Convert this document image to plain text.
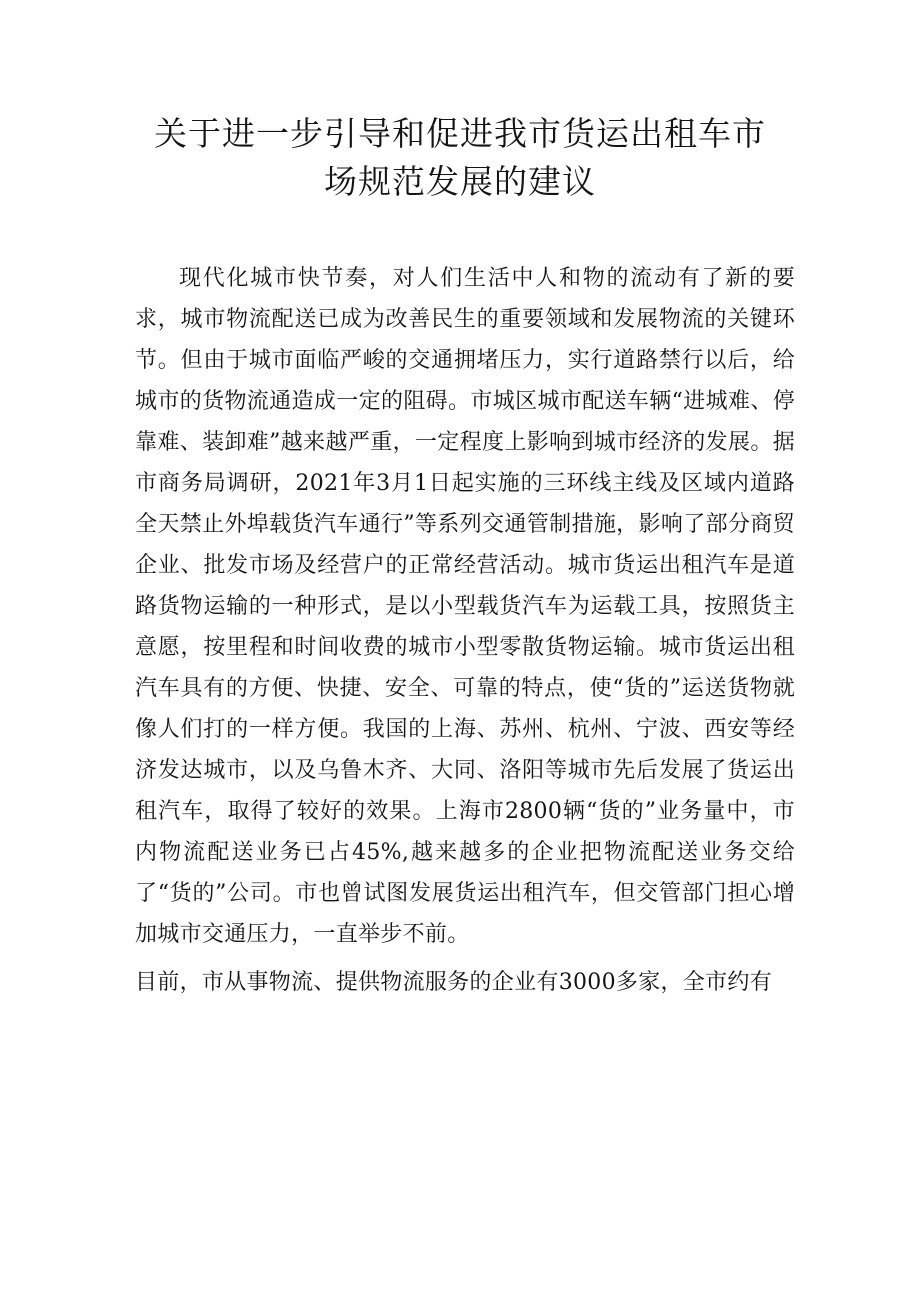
关于进一步引导和促进我市货运出租车市
场规范发展的建议

现代化城市快节奏，对人们生活中人和物的流动有了新的要求，城市物流配送已成为改善民生的重要领域和发展物流的关键环节。但由于城市面临严峻的交通拥堵压力，实行道路禁行以后，给城市的货物流通造成一定的阻碍。市城区城市配送车辆“进城难、停靠难、装卸难”越来越严重，一定程度上影响到城市经济的发展。据市商务局调研，2021年3月1日起实施的三环线主线及区域内道路全天禁止外埠载货汽车通行”等系列交通管制措施，影响了部分商贸企业、批发市场及经营户的正常经营活动。城市货运出租汽车是道路货物运输的一种形式，是以小型载货汽车为运载工具，按照货主意愿，按里程和时间收费的城市小型零散货物运输。城市货运出租汽车具有的方便、快捷、安全、可靠的特点，使“货的”运送货物就像人们打的一样方便。我国的上海、苏州、杭州、宁波、西安等经济发达城市，以及乌鲁木齐、大同、洛阳等城市先后发展了货运出租汽车，取得了较好的效果。上海市2800辆“货的”业务量中，市内物流配送业务已占45%,越来越多的企业把物流配送业务交给了“货的”公司。市也曾试图发展货运出租汽车，但交管部门担心增加城市交通压力，一直举步不前。

目前，市从事物流、提供物流服务的企业有3000多家，全市约有
